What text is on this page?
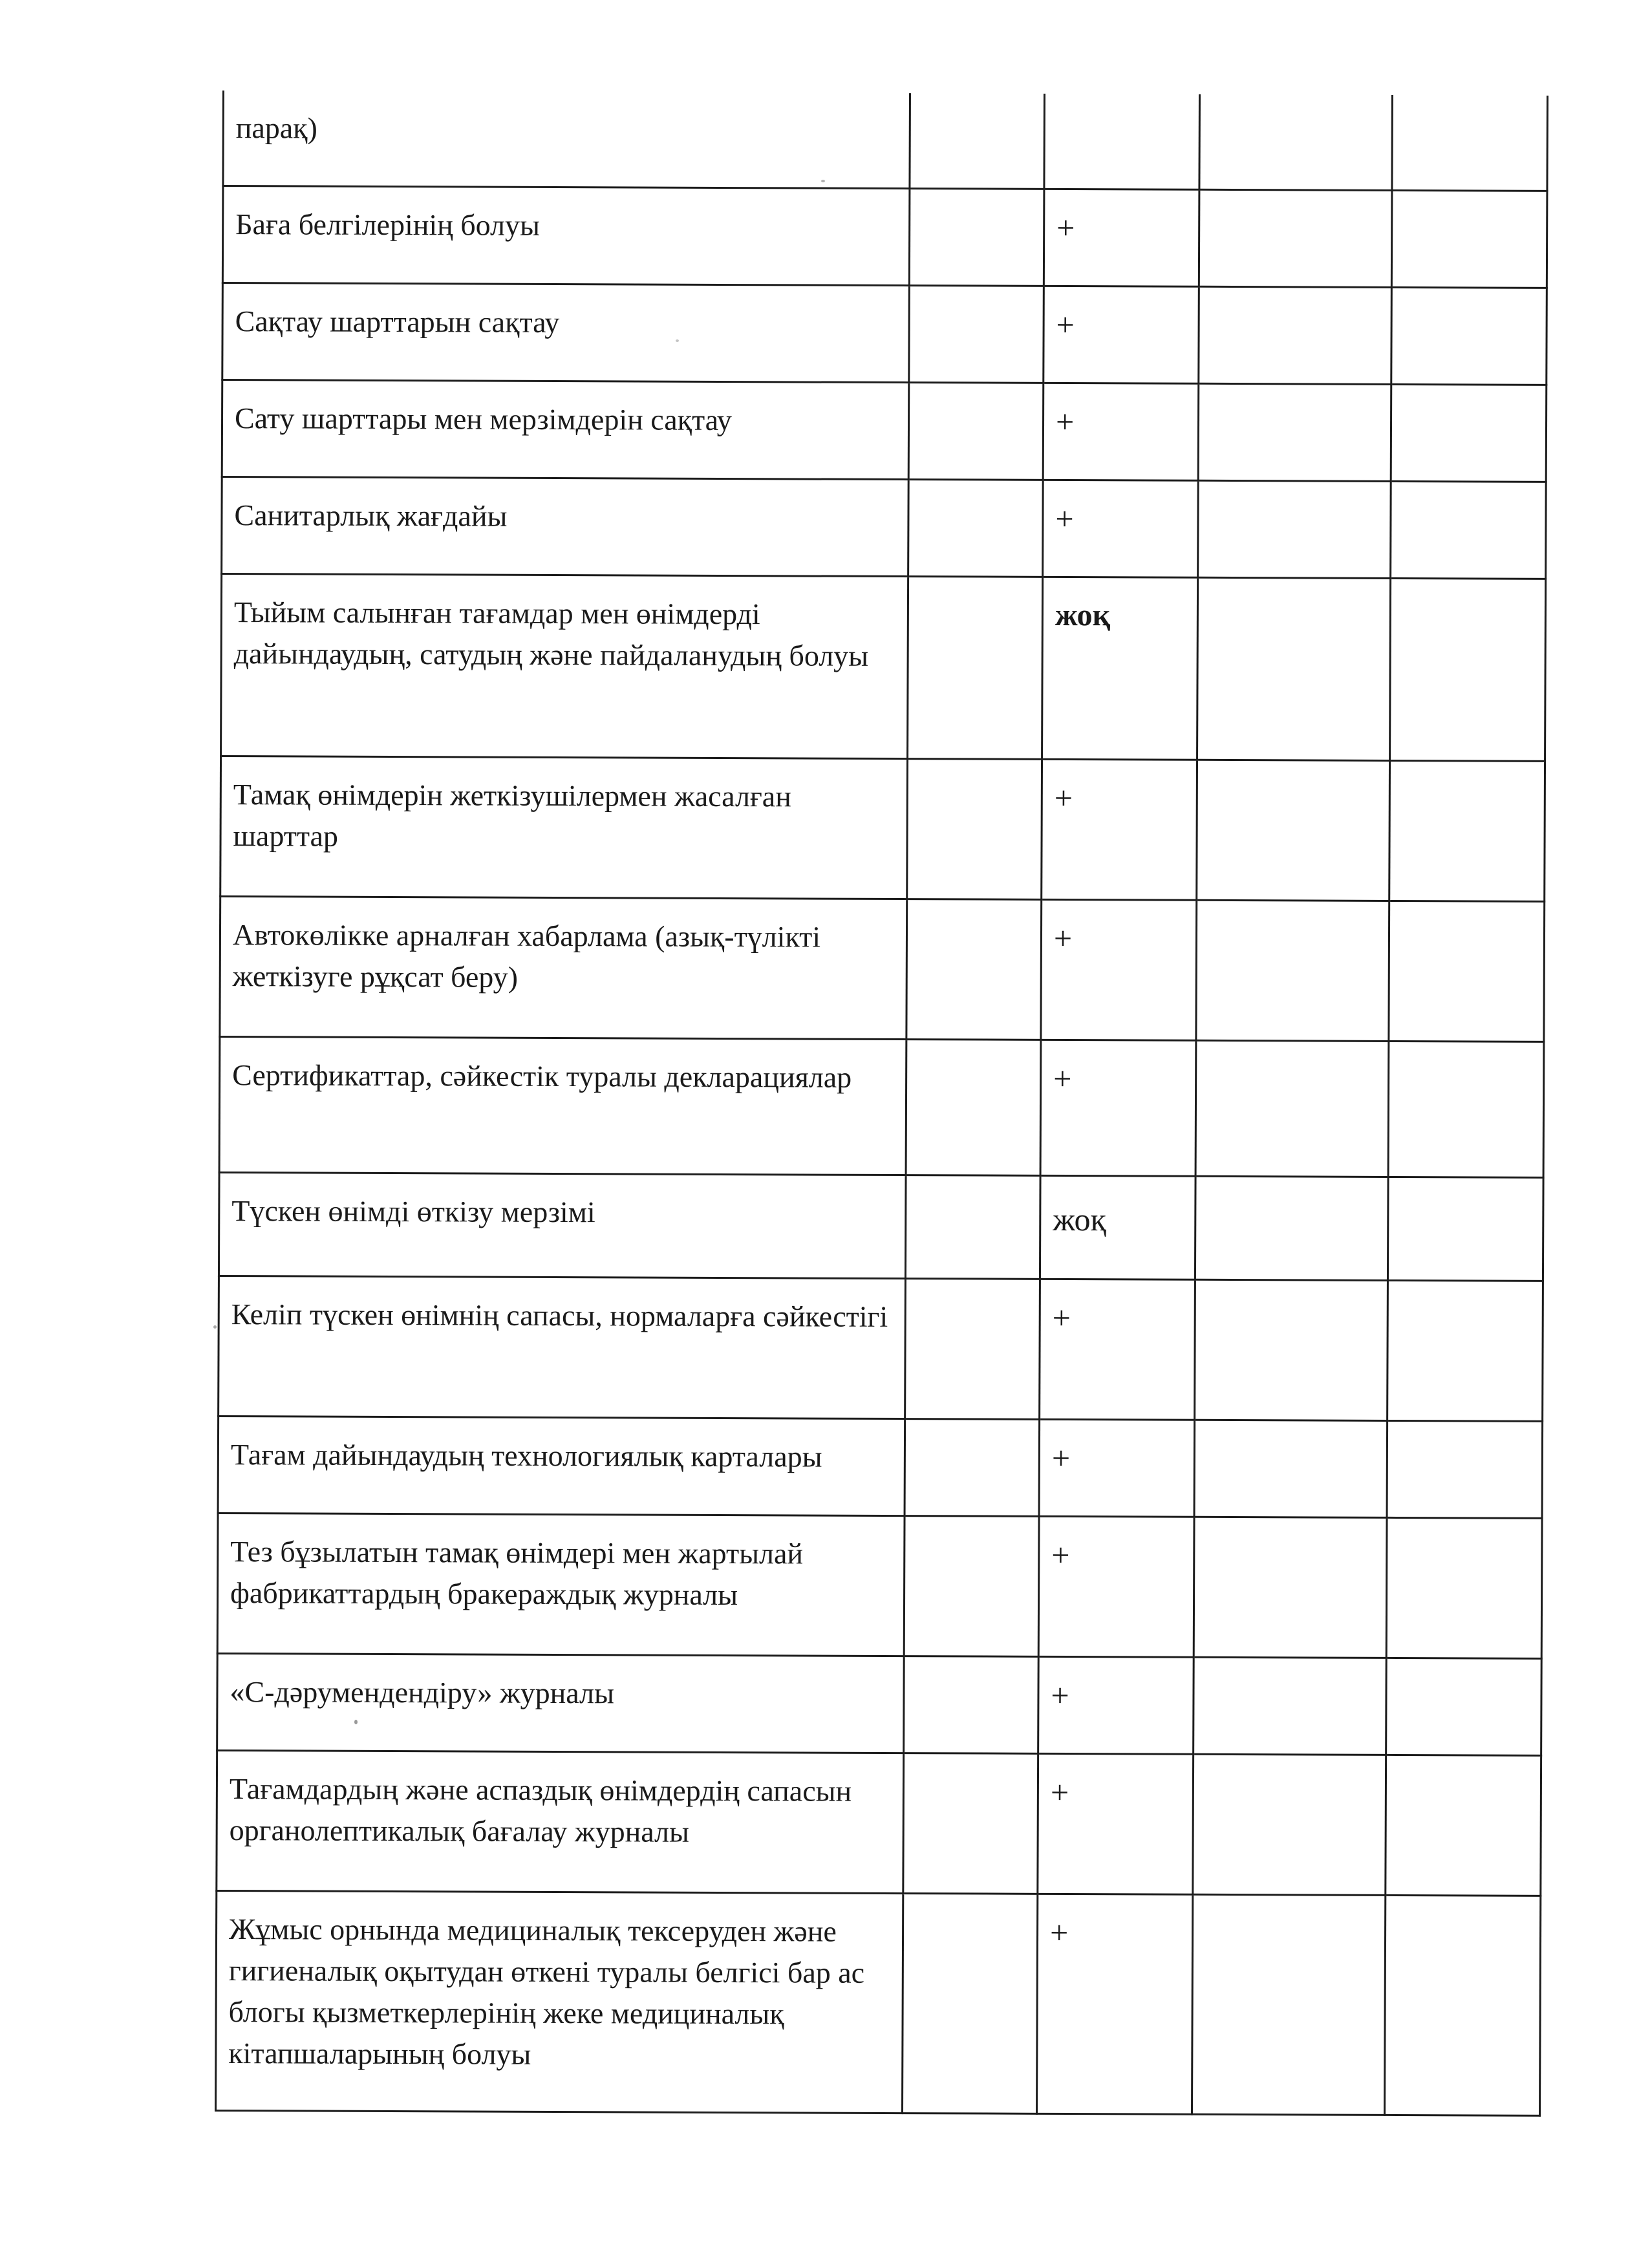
парақ)				
Баға белгілерінің болуы		+		
Сақтау шарттарын сақтау		+		
Сату шарттары мен мерзімдерін сақтау		+		
Санитарлық жағдайы		+		
Тыйым салынған тағамдар мен өнімдерді дайындаудың, сатудың және пайдаланудың болуы		жоқ		
Тамақ өнімдерін жеткізушілермен жасалған шарттар		+		
Автокөлікке арналған хабарлама (азық-түлікті жеткізуге рұқсат беру)		+		
Сертификаттар, сәйкестік туралы декларациялар		+		
Түскен өнімді өткізу мерзімі		жоқ		
Келіп түскен өнімнің сапасы, нормаларға сәйкестігі		+		
Тағам дайындаудың технологиялық карталары		+		
Тез бұзылатын тамақ өнімдері мен жартылай фабрикаттардың бракераждық журналы		+		
«С-дәрумендендіру» журналы		+		
Тағамдардың және аспаздық өнімдердің сапасын органолептикалық бағалау журналы		+		
Жұмыс орнында медициналық тексеруден және гигиеналық оқытудан өткені туралы белгісі бар ас блогы қызметкерлерінің жеке медициналық кітапшаларының болуы		+		
